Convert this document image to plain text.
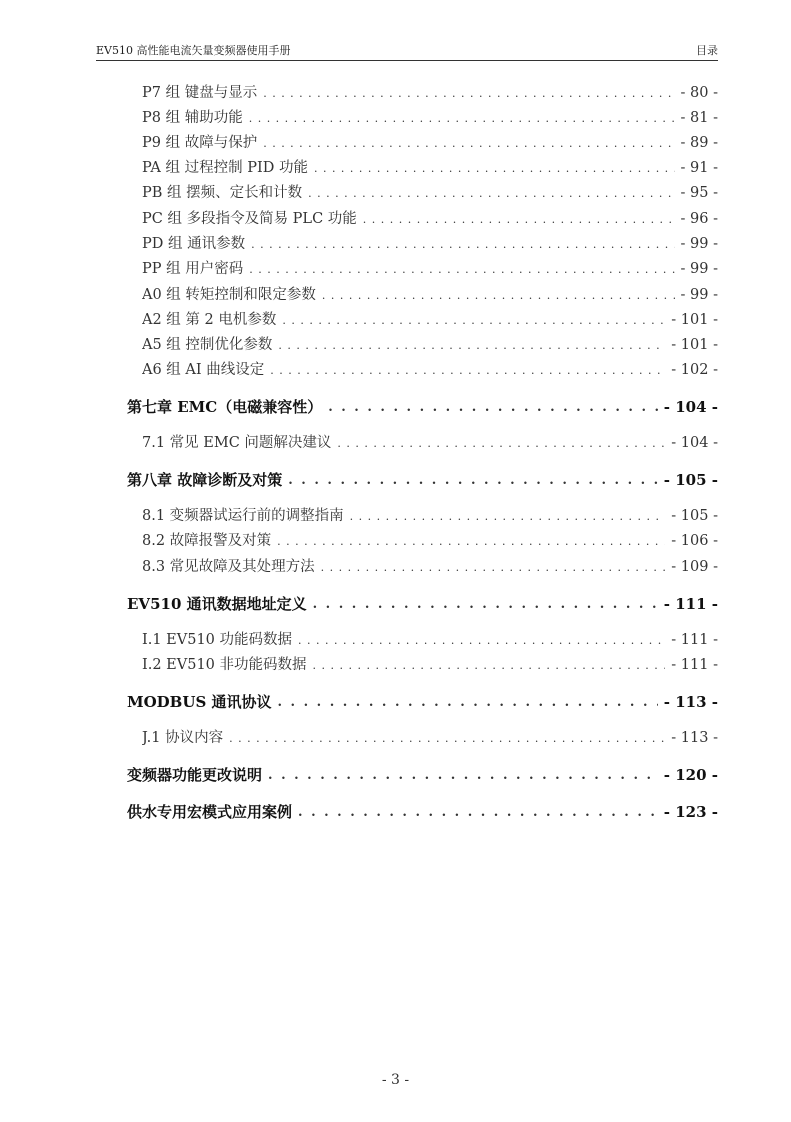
EV510 高性能电流矢量变频器使用手册	目录
P7 组 键盘与显示 . . .	- 80 -
P8 组 辅助功能 . . .	- 81 -
P9 组 故障与保护 . . .	- 89 -
PA 组 过程控制 PID 功能 . . .	- 91 -
PB 组 摆频、定长和计数 . . .	- 95 -
PC 组 多段指令及简易 PLC 功能 . . .	- 96 -
PD 组 通讯参数 . . .	- 99 -
PP 组 用户密码 . . .	- 99 -
A0 组 转矩控制和限定参数 . . .	- 99 -
A2 组 第 2 电机参数 . . .	- 101 -
A5 组 控制优化参数 . . .	- 101 -
A6 组 AI 曲线设定 . . .	- 102 -
第七章 EMC（电磁兼容性） . . .	- 104 -
7.1 常见 EMC 问题解决建议 . . .	- 104 -
第八章 故障诊断及对策 . . .	- 105 -
8.1 变频器试运行前的调整指南 . . .	- 105 -
8.2 故障报警及对策 . . .	- 106 -
8.3 常见故障及其处理方法 . . .	- 109 -
EV510 通讯数据地址定义 . . .	- 111 -
I.1 EV510 功能码数据 . . .	- 111 -
I.2 EV510 非功能码数据 . . .	- 111 -
MODBUS 通讯协议 . . .	- 113 -
J.1 协议内容 . . .	- 113 -
变频器功能更改说明 . . .	- 120 -
供水专用宏模式应用案例 . . .	- 123 -
- 3 -
